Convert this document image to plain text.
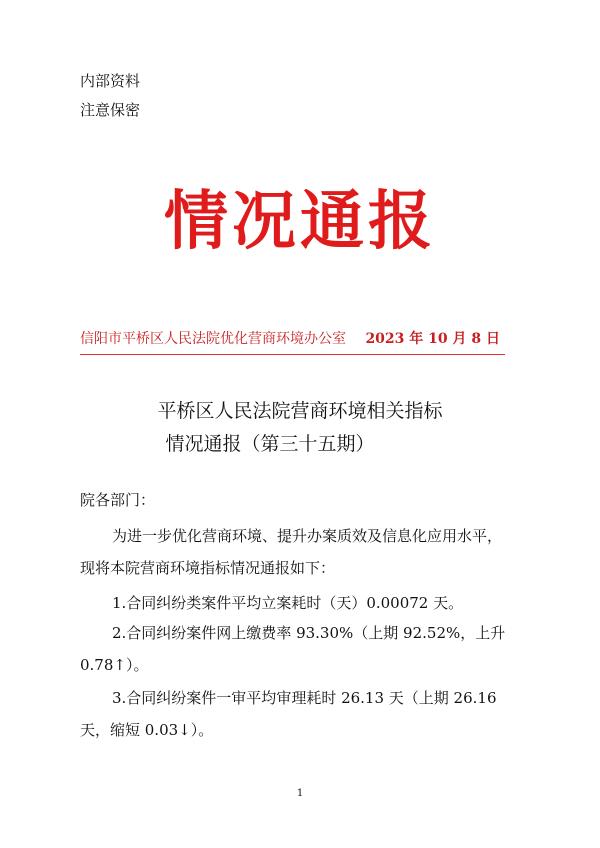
内部资料
注意保密
情况通报
信阳市平桥区人民法院优化营商环境办公室 2023 年 10 月 8 日
平桥区人民法院营商环境相关指标
情况通报（第三十五期）
院各部门：
为进一步优化营商环境、提升办案质效及信息化应用水平，
现将本院营商环境指标情况通报如下：
1.合同纠纷类案件平均立案耗时（天）0.00072 天。
2.合同纠纷案件网上缴费率 93.30%（上期 92.52%，上升
0.78↑）。
3.合同纠纷案件一审平均审理耗时 26.13 天（上期 26.16
天，缩短 0.03↓）。
1
